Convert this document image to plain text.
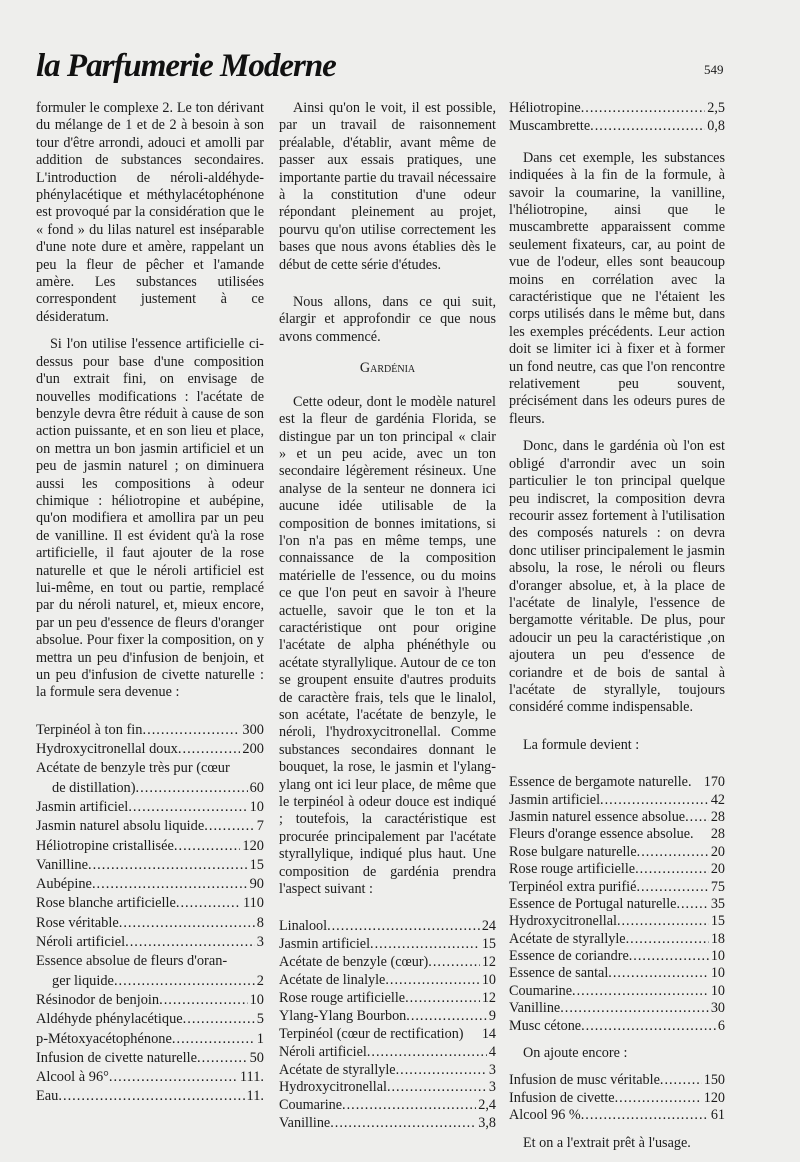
la Parfumerie Moderne	549

formuler le complexe 2. Le ton dérivant du mélange de 1 et de 2 à besoin à son tour d'être arrondi, adouci et amolli par addition de substances secondaires. L'introduction de néroli-aldéhyde-phénylacétique et méthylacétophénone est provoqué par la considération que le « fond » du lilas naturel est inséparable d'une note dure et amère, rappelant un peu la fleur de pêcher et l'amande amère. Les substances utilisées correspondent justement à ce désideratum.

Si l'on utilise l'essence artificielle ci-dessus pour base d'une composition d'un extrait fini, on envisage de nouvelles modifications : l'acétate de benzyle devra être réduit à cause de son action puissante, et en son lieu et place, on mettra un bon jasmin artificiel et un peu de jasmin naturel ; on diminuera aussi les compositions à odeur chimique : héliotropine et aubépine, qu'on modifiera et amollira par un peu de vanilline. Il est évident qu'à la rose artificielle, il faut ajouter de la rose naturelle et que le néroli artificiel est lui-même, en tout ou partie, remplacé par du néroli naturel, et, mieux encore, par un peu d'essence de fleurs d'oranger absolue. Pour fixer la composition, on y mettra un peu d'infusion de benjoin, et un peu d'infusion de civette naturelle : la formule sera devenue :

Terpinéol à ton fin .....	300
Hydroxycitronellal doux .....	200
Acétate de benzyle très pur (cœur
de distillation) .....	60
Jasmin artificiel .....	10
Jasmin naturel absolu liquide .....	7
Héliotropine cristallisée .....	120
Vanilline .....	15
Aubépine .....	90
Rose blanche artificielle .....	110
Rose véritable .....	8
Néroli artificiel .....	3
Essence absolue de fleurs d'oran-
ger liquide .....	2
Résinodor de benjoin .....	10
Aldéhyde phénylacétique .....	5
p-Métoxyacétophénone .....	1
Infusion de civette naturelle .....	50
Alcool à 96° .....	111.
Eau .....	11.

Ainsi qu'on le voit, il est possible, par un travail de raisonnement préalable, d'établir, avant même de passer aux essais pratiques, une importante partie du travail nécessaire à la constitution d'une odeur répondant pleinement au projet, pourvu qu'on utilise correctement les bases que nous avons établies dès le début de cette série d'études.

Nous allons, dans ce qui suit, élargir et approfondir ce que nous avons commencé.

Gardénia

Cette odeur, dont le modèle naturel est la fleur de gardénia Florida, se distingue par un ton principal « clair » et un peu acide, avec un ton secondaire légèrement résineux. Une analyse de la senteur ne donnera ici aucune idée utilisable de la composition de bonnes imitations, si l'on n'a pas en même temps, une connaissance de la composition matérielle de l'essence, ou du moins ce que l'on peut en savoir à l'heure actuelle, savoir que le ton et la caractéristique ont pour origine l'acétate de alpha phénéthyle ou acétate styrallylique. Autour de ce ton se groupent ensuite d'autres produits de caractère frais, tels que le linalol, son acétate, l'acétate de benzyle, le néroli, l'hydroxycitronellal. Comme substances secondaires donnant le bouquet, la rose, le jasmin et l'ylang-ylang ont ici leur place, de même que le terpinéol à odeur douce est indiqué ; toutefois, la caractéristique est procurée principalement par l'acétate styrallylique, indiqué plus haut. Une composition de gardénia prendra l'aspect suivant :

Linalool .....	24
Jasmin artificiel .....	15
Acétate de benzyle (cœur) .....	12
Acétate de linalyle .....	10
Rose rouge artificielle .....	12
Ylang-Ylang Bourbon .....	9
Terpinéol (cœur de rectification) 14
Néroli artificiel .....	4
Acétate de styrallyle .....	3
Hydroxycitronellal .....	3
Coumarine .....	2,4
Vanilline .....	3,8
Héliotropine .....	2,5
Muscambrette .....	0,8

Dans cet exemple, les substances indiquées à la fin de la formule, à savoir la coumarine, la vanilline, l'héliotropine, ainsi que le muscambrette apparaissent comme seulement fixateurs, car, au point de vue de l'odeur, elles sont beaucoup moins en corrélation avec la caractéristique que ne l'étaient les corps utilisés dans le même but, dans les exemples précédents. Leur action doit se limiter ici à fixer et à former un fond neutre, cas que l'on rencontre relativement peu souvent, précisément dans les odeurs pures de fleurs.

Donc, dans le gardénia où l'on est obligé d'arrondir avec un soin particulier le ton principal quelque peu indiscret, la composition devra recourir assez fortement à l'utilisation des composés naturels : on devra donc utiliser principalement le jasmin absolu, la rose, le néroli ou fleurs d'oranger absolue, et, à la place de l'acétate de linalyle, l'essence de bergamotte véritable. De plus, pour adoucir un peu la caractéristique ,on ajoutera un peu d'essence de coriandre et de bois de santal à l'acétate de styrallyle, toujours considéré comme indispensable.

La formule devient :

Essence de bergamote naturelle. 170
Jasmin artificiel .....	42
Jasmin naturel essence absolue ..... 28
Fleurs d'orange essence absolue. 28
Rose bulgare naturelle .....	20
Rose rouge artificielle .....	20
Terpinéol extra purifié .....	75
Essence de Portugal naturelle ..... 35
Hydroxycitronellal .....	15
Acétate de styrallyle .....	18
Essence de coriandre .....	10
Essence de santal .....	10
Coumarine .....	10
Vanilline .....	30
Musc cétone .....	6

On ajoute encore :

Infusion de musc véritable .....	150
Infusion de civette .....	120
Alcool 96 % .....	61

Et on a l'extrait prêt à l'usage.
